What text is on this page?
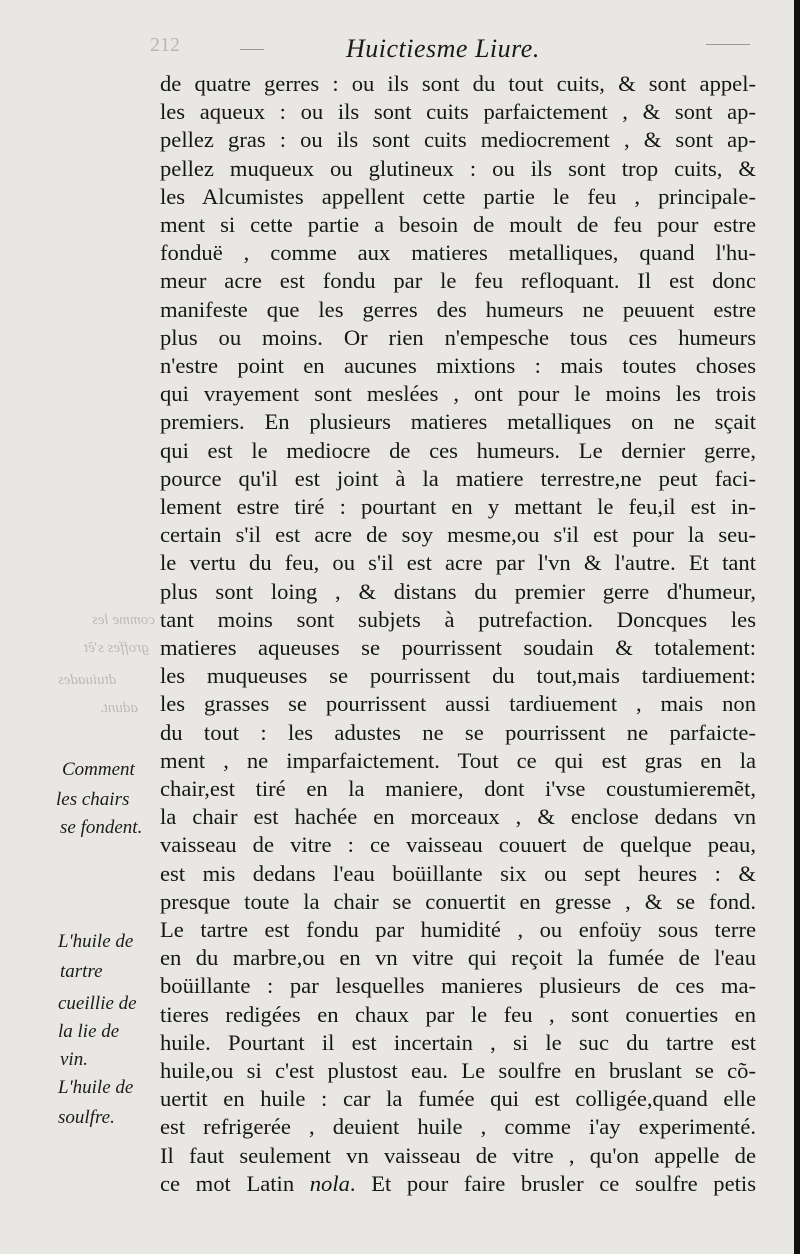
212	Huictiesme Liure.
de quatre gerres : ou ils sont du tout cuits, & sont appel-
les aqueux : ou ils sont cuits parfaictement , & sont ap-
pellez gras : ou ils sont cuits mediocrement , & sont ap-
pellez muqueux ou glutineux : ou ils sont trop cuits, &
les Alcumistes appellent cette partie le feu , principale-
ment si cette partie a besoin de moult de feu pour estre
fonduë , comme aux matieres metalliques, quand l'hu-
meur acre est fondu par le feu refloquant. Il est donc
manifeste que les gerres des humeurs ne peuuent estre
plus ou moins. Or rien n'empesche tous ces humeurs
n'estre point en aucunes mixtions : mais toutes choses
qui vrayement sont meslées , ont pour le moins les trois
premiers. En plusieurs matieres metalliques on ne sçait
qui est le mediocre de ces humeurs. Le dernier gerre,
pource qu'il est joint à la matiere terrestre,ne peut faci-
lement estre tiré : pourtant en y mettant le feu,il est in-
certain s'il est acre de soy mesme,ou s'il est pour la seu-
le vertu du feu, ou s'il est acre par l'vn & l'autre. Et tant
plus sont loing , & distans du premier gerre d'humeur,
tant moins sont subjets à putrefaction. Doncques les
matieres aqueuses se pourrissent soudain & totalement:
les muqueuses se pourrissent du tout,mais tardiuement:
les grasses se pourrissent aussi tardiuement , mais non
du tout : les adustes ne se pourrissent ne parfaicte-
ment , ne imparfaictement. Tout ce qui est gras en la
chair,est tiré en la maniere, dont i'vse coustumieremẽt,
la chair est hachée en morceaux , & enclose dedans vn
vaisseau de vitre : ce vaisseau couuert de quelque peau,
est mis dedans l'eau boüillante six ou sept heures : &
presque toute la chair se conuertit en gresse , & se fond.
Le tartre est fondu par humidité , ou enfoüy sous terre
en du marbre,ou en vn vitre qui reçoit la fumée de l'eau
boüillante : par lesquelles manieres plusieurs de ces ma-
tieres redigées en chaux par le feu , sont conuerties en
huile. Pourtant il est incertain , si le suc du tartre est
huile,ou si c'est plustost eau. Le soulfre en bruslant se cõ-
uertit en huile : car la fumée qui est colligée,quand elle
est refrigerée , deuient huile , comme i'ay experimenté.
Il faut seulement vn vaisseau de vitre , qu'on appelle de
ce mot Latin nola. Et pour faire brusler ce soulfre petis
Comment
les chairs
se fondent.
L'huile de
tartre
cueillie de
la lie de
vin.
L'huile de
soulfre.
comme les
groffes s'ẽt
dtuiuades
adunt.
